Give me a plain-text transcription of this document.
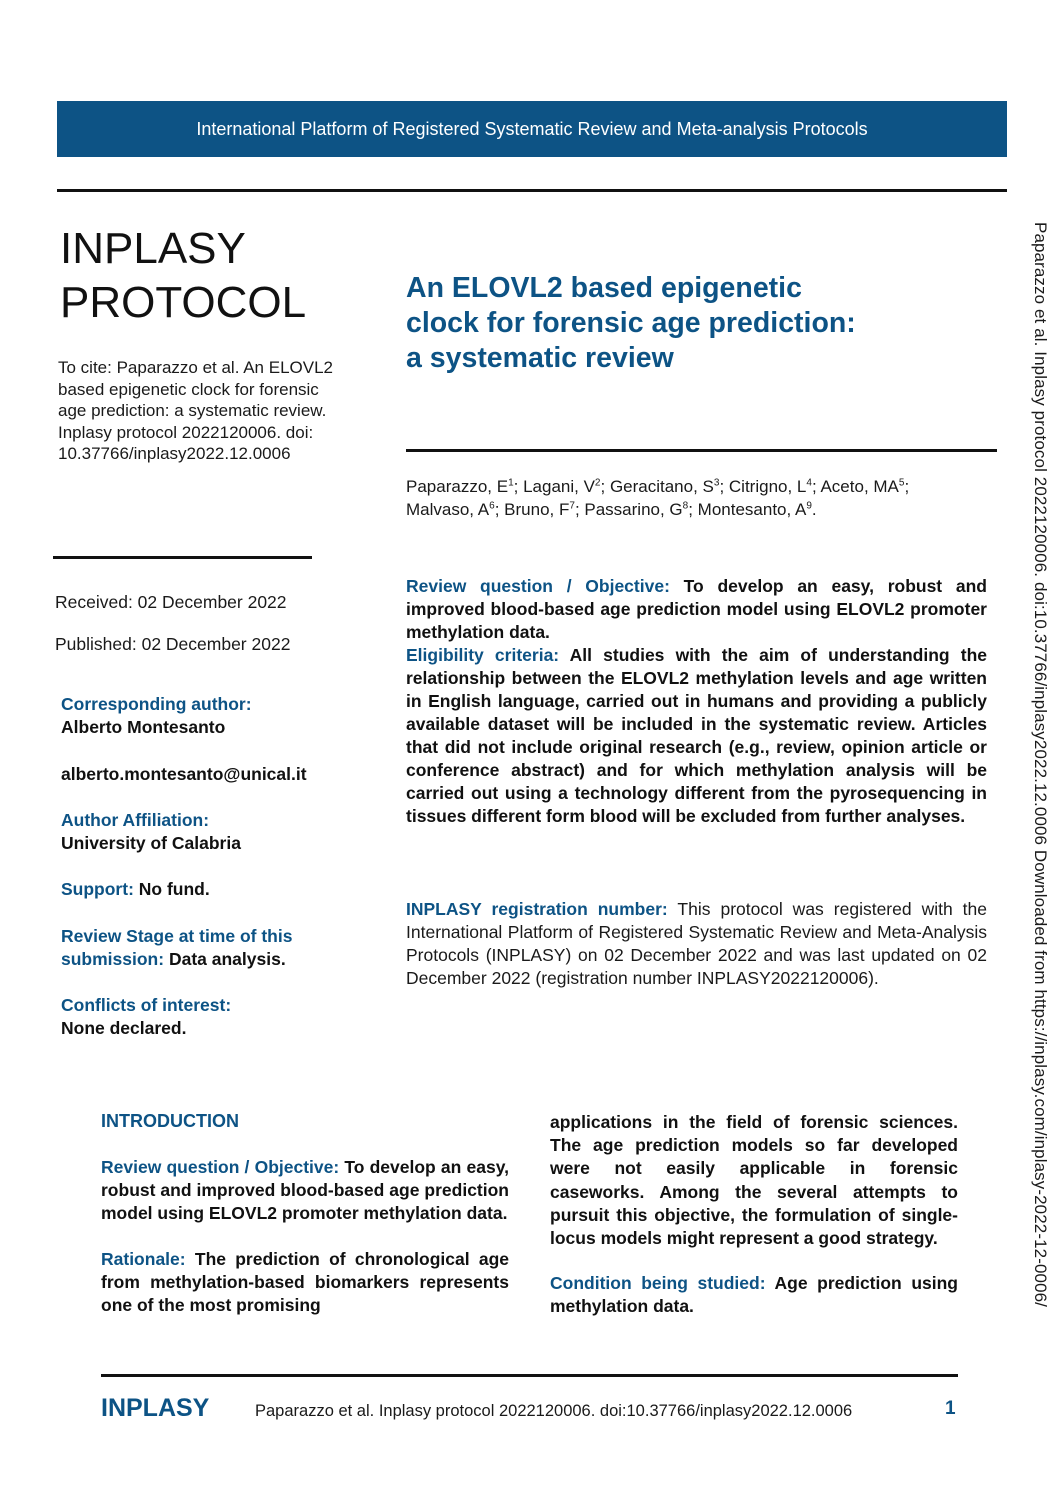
International Platform of Registered Systematic Review and Meta-analysis Protocols
Paparazzo et al. Inplasy protocol 2022120006. doi:10.37766/inplasy2022.12.0006 Downloaded from https://inplasy.com/inplasy-2022-12-0006/
INPLASY
PROTOCOL
To cite: Paparazzo et al. An ELOVL2 based epigenetic clock for forensic age prediction: a systematic review. Inplasy protocol 2022120006. doi: 10.37766/inplasy2022.12.0006
Received: 02 December 2022
Published: 02 December 2022
Corresponding author:
Alberto Montesanto
alberto.montesanto@unical.it
Author Affiliation:
University of Calabria
Support: No fund.
Review Stage at time of this
submission: Data analysis.
Conflicts of interest:
None declared.
An ELOVL2 based epigenetic
clock for forensic age prediction:
a systematic review
Paparazzo, $E^1$; Lagani, $V^2$; Geracitano, $S^3$; Citrigno, $L^4$; Aceto, $MA^5$;
Malvaso, $A^6$; Bruno, $F^7$; Passarino, $G^8$; Montesanto, $A^9$.
Review question / Objective: To develop an easy, robust and improved blood-based age prediction model using ELOVL2 promoter methylation data.
Eligibility criteria: All studies with the aim of understanding the relationship between the ELOVL2 methylation levels and age written in English language, carried out in humans and providing a publicly available dataset will be included in the systematic review. Articles that did not include original research (e.g., review, opinion article or conference abstract) and for which methylation analysis will be carried out using a technology different from the pyrosequencing in tissues different form blood will be excluded from further analyses.
INPLASY registration number: This protocol was registered with the International Platform of Registered Systematic Review and Meta-Analysis Protocols (INPLASY) on 02 December 2022 and was last updated on 02 December 2022 (registration number INPLASY2022120006).
INTRODUCTION
Review question / Objective: To develop an easy, robust and improved blood-based age prediction model using ELOVL2 promoter methylation data.
Rationale: The prediction of chronological age from methylation-based biomarkers represents one of the most promising
applications in the field of forensic sciences. The age prediction models so far developed were not easily applicable in forensic caseworks. Among the several attempts to pursuit this objective, the formulation of single-locus models might represent a good strategy.
Condition being studied: Age prediction using methylation data.
INPLASY	Paparazzo et al. Inplasy protocol 2022120006. doi:10.37766/inplasy2022.12.0006	1
